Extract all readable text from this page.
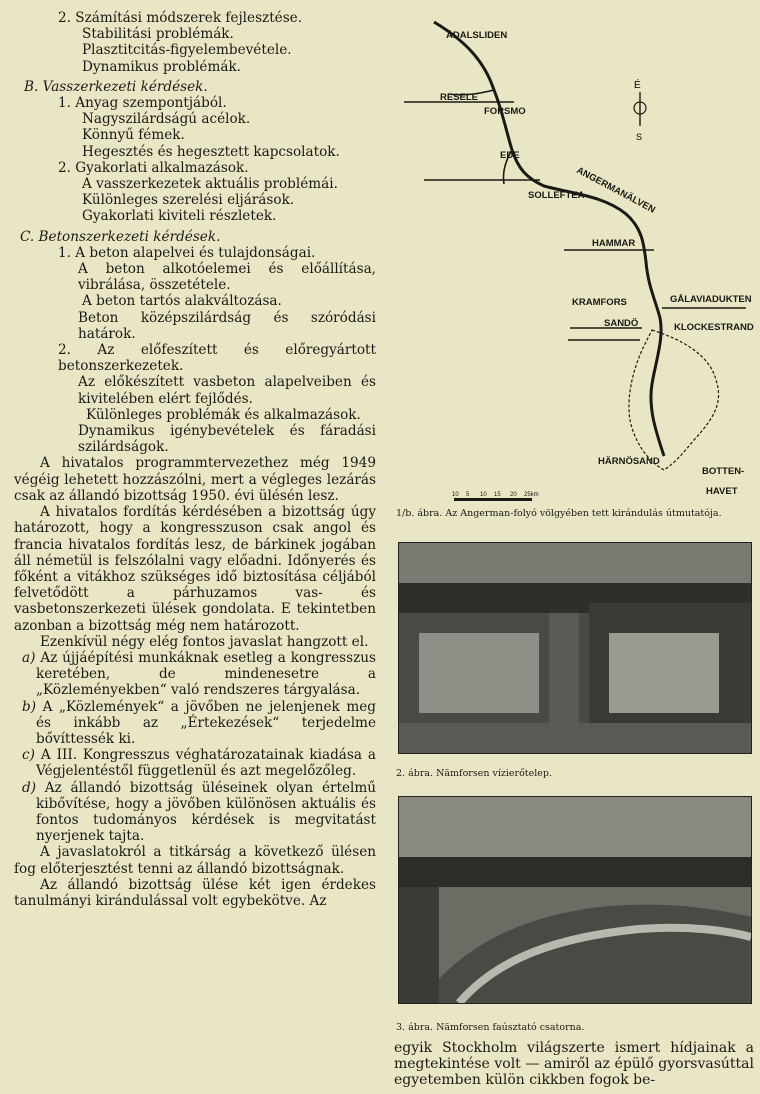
2. Számítási módszerek fejlesztése.

Stabilitási problémák.

Plasztitcitás-figyelembevétele.

Dynamikus problémák.

B. Vasszerkezeti kérdések.

1. Anyag szempontjából.

Nagyszilárdságú acélok.

Könnyű fémek.

Hegesztés és hegesztett kapcsolatok.

2. Gyakorlati alkalmazások.

A vasszerkezetek aktuális problémái.

Különleges szerelési eljárások.

Gyakorlati kiviteli részletek.

C. Betonszerkezeti kérdések.

1. A beton alapelvei és tulajdonságai.

A beton alkotóelemei és előállítása, vibrálása, összetétele.

A beton tartós alakváltozása.

Beton középszilárdság és szóródási határok.

2. Az előfeszített és előregyártott betonszerkezetek.

Az előkészített vasbeton alapelveiben és kivitelében elért fejlődés.

Különleges problémák és alkalmazások.

Dynamikus igénybevételek és fáradási szilárdságok.

A hivatalos programmtervezethez még 1949 végéig lehetett hozzászólni, mert a végleges lezárás csak az állandó bizottság 1950. évi ülésén lesz.

A hivatalos fordítás kérdésében a bizottság úgy határozott, hogy a kongresszuson csak angol és francia hivatalos fordítás lesz, de bárkinek jogában áll németül is felszólalni vagy előadni. Időnyerés és főként a vitákhoz szükséges idő biztosítása céljából felvetődött a párhuzamos vas- és vasbetonszerkezeti ülések gondolata. E tekintetben azonban a bizottság még nem határozott.

Ezenkívül négy elég fontos javaslat hangzott el.

a) Az újjáépítési munkáknak esetleg a kongresszus keretében, de mindenesetre a „Közleményekben“ való rendszeres tárgyalása.

b) A „Közlemények“ a jövőben ne jelenjenek meg és inkább az „Értekezések“ terjedelme bővíttessék ki.

c) A III. Kongresszus véghatározatainak kiadása a Végjelentéstől függetlenül és azt megelőzőleg.

d) Az állandó bizottság üléseinek olyan értelmű kibővítése, hogy a jövőben különösen aktuális és fontos tudományos kérdések is megvitatást nyerjenek tajta.

A javaslatokról a titkárság a következő ülésen fog előterjesztést tenni az állandó bizottságnak.

Az állandó bizottság ülése két igen érdekes tanulmányi kirándulással volt egybekötve. Az

É
S
ÅDALSLIDEN
RESELE
FORSMO
EDE
SOLLEFTEA
ANGERMANÄLVEN
HAMMAR
KRAMFORS	GÅLAVIADUKTEN
SANDÖ	KLOCKESTRAND
HÄRNÖSAND
BOTTEN-
HAVET
10 5 10 15 20 25km
1/b. ábra. Az Angerman-folyó völgyében tett kirándulás útmutatója.
2. ábra. Nämforsen vízierőtelep.
3. ábra. Nämforsen faúsztató csatorna.

egyik Stockholm világszerte ismert hídjainak a megtekintése volt — amiről az épülő gyorsvasúttal egyetemben külön cikkben fogok be-
